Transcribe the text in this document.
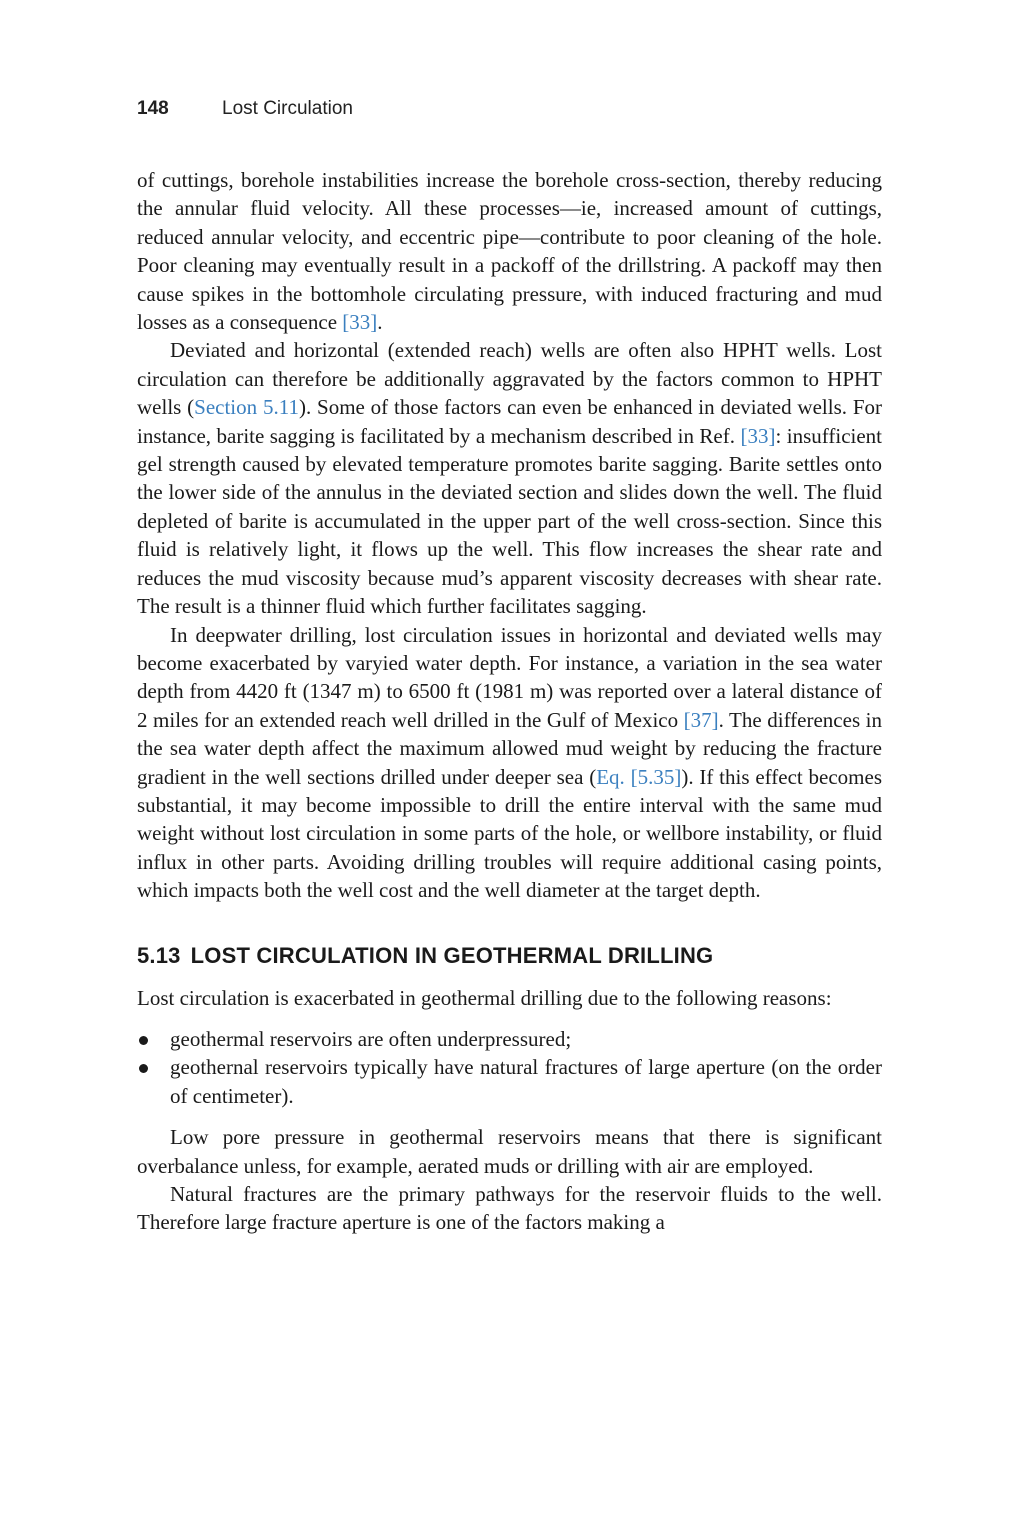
148	Lost Circulation

of cuttings, borehole instabilities increase the borehole cross-section, thereby reducing the annular fluid velocity. All these processes—ie, increased amount of cuttings, reduced annular velocity, and eccentric pipe—contribute to poor cleaning of the hole. Poor cleaning may eventually result in a packoff of the drillstring. A packoff may then cause spikes in the bottomhole circulating pressure, with induced fracturing and mud losses as a consequence [33].

Deviated and horizontal (extended reach) wells are often also HPHT wells. Lost circulation can therefore be additionally aggravated by the factors common to HPHT wells (Section 5.11). Some of those factors can even be enhanced in deviated wells. For instance, barite sagging is facilitated by a mechanism described in Ref. [33]: insufficient gel strength caused by elevated temperature promotes barite sagging. Barite settles onto the lower side of the annulus in the deviated section and slides down the well. The fluid depleted of barite is accumulated in the upper part of the well cross-section. Since this fluid is relatively light, it flows up the well. This flow increases the shear rate and reduces the mud viscosity because mud’s apparent viscosity decreases with shear rate. The result is a thinner fluid which further facilitates sagging.

In deepwater drilling, lost circulation issues in horizontal and deviated wells may become exacerbated by varyied water depth. For instance, a variation in the sea water depth from 4420 ft (1347 m) to 6500 ft (1981 m) was reported over a lateral distance of 2 miles for an extended reach well drilled in the Gulf of Mexico [37]. The differences in the sea water depth affect the maximum allowed mud weight by reducing the fracture gradient in the well sections drilled under deeper sea (Eq. [5.35]). If this effect becomes substantial, it may become impossible to drill the entire interval with the same mud weight without lost circulation in some parts of the hole, or wellbore instability, or fluid influx in other parts. Avoiding drilling troubles will require additional casing points, which impacts both the well cost and the well diameter at the target depth.

5.13 LOST CIRCULATION IN GEOTHERMAL DRILLING

Lost circulation is exacerbated in geothermal drilling due to the following reasons:

geothermal reservoirs are often underpressured;
geothernal reservoirs typically have natural fractures of large aperture (on the order of centimeter).

Low pore pressure in geothermal reservoirs means that there is significant overbalance unless, for example, aerated muds or drilling with air are employed.

Natural fractures are the primary pathways for the reservoir fluids to the well. Therefore large fracture aperture is one of the factors making a
